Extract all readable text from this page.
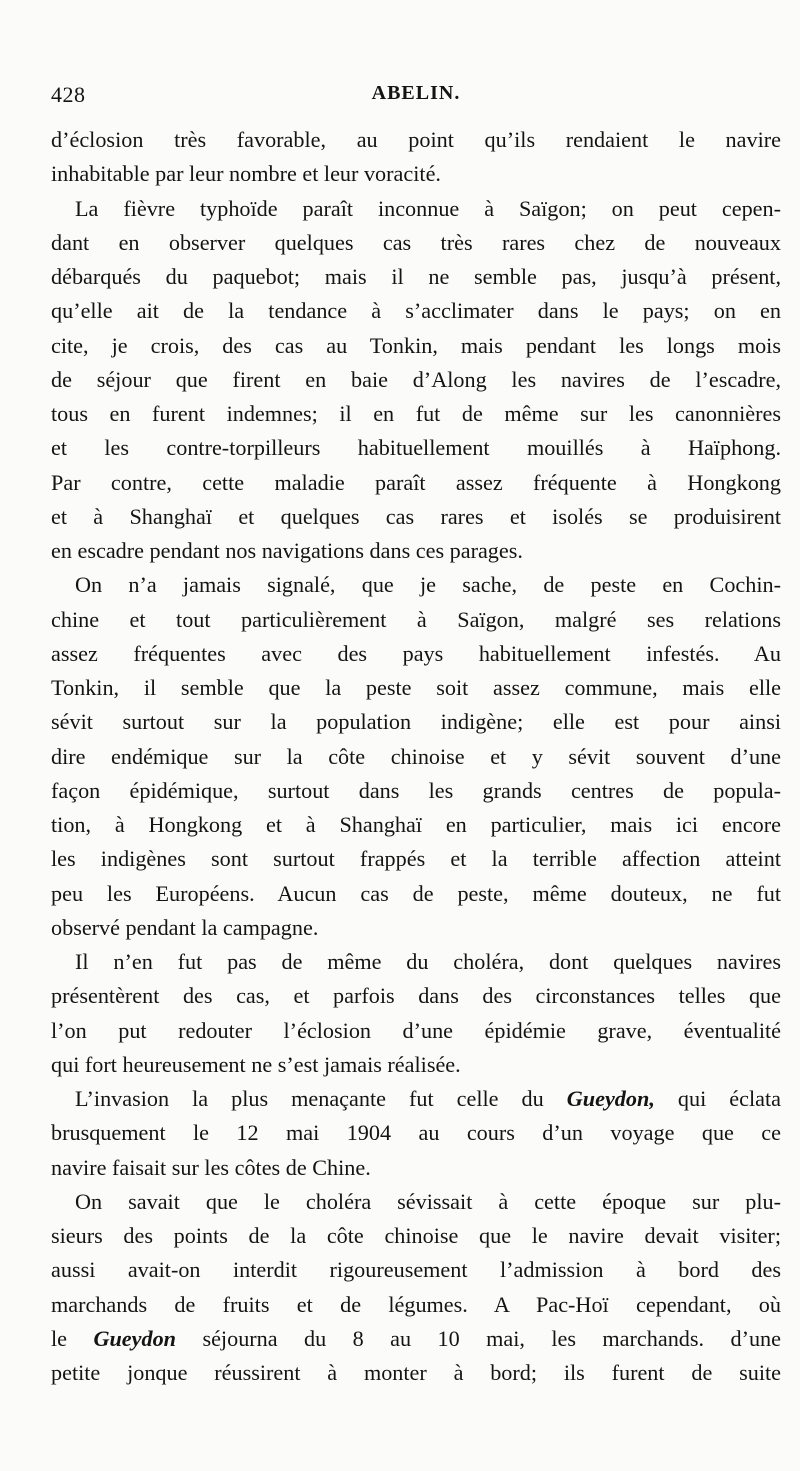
428	ABELIN.
d’éclosion très favorable, au point qu’ils rendaient le navire
inhabitable par leur nombre et leur voracité.
La fièvre typhoïde paraît inconnue à Saïgon; on peut cepen-
dant en observer quelques cas très rares chez de nouveaux
débarqués du paquebot; mais il ne semble pas, jusqu’à présent,
qu’elle ait de la tendance à s’acclimater dans le pays; on en
cite, je crois, des cas au Tonkin, mais pendant les longs mois
de séjour que firent en baie d’Along les navires de l’escadre,
tous en furent indemnes; il en fut de même sur les canonnières
et les contre-torpilleurs habituellement mouillés à Haïphong.
Par contre, cette maladie paraît assez fréquente à Hongkong
et à Shanghaï et quelques cas rares et isolés se produisirent
en escadre pendant nos navigations dans ces parages.
On n’a jamais signalé, que je sache, de peste en Cochin-
chine et tout particulièrement à Saïgon, malgré ses relations
assez fréquentes avec des pays habituellement infestés. Au
Tonkin, il semble que la peste soit assez commune, mais elle
sévit surtout sur la population indigène; elle est pour ainsi
dire endémique sur la côte chinoise et y sévit souvent d’une
façon épidémique, surtout dans les grands centres de popula-
tion, à Hongkong et à Shanghaï en particulier, mais ici encore
les indigènes sont surtout frappés et la terrible affection atteint
peu les Européens. Aucun cas de peste, même douteux, ne fut
observé pendant la campagne.
Il n’en fut pas de même du choléra, dont quelques navires
présentèrent des cas, et parfois dans des circonstances telles que
l’on put redouter l’éclosion d’une épidémie grave, éventualité
qui fort heureusement ne s’est jamais réalisée.
L’invasion la plus menaçante fut celle du Gueydon, qui éclata
brusquement le 12 mai 1904 au cours d’un voyage que ce
navire faisait sur les côtes de Chine.
On savait que le choléra sévissait à cette époque sur plu-
sieurs des points de la côte chinoise que le navire devait visiter;
aussi avait-on interdit rigoureusement l’admission à bord des
marchands de fruits et de légumes. A Pac-Hoï cependant, où
le Gueydon séjourna du 8 au 10 mai, les marchands. d’une
petite jonque réussirent à monter à bord; ils furent de suite
